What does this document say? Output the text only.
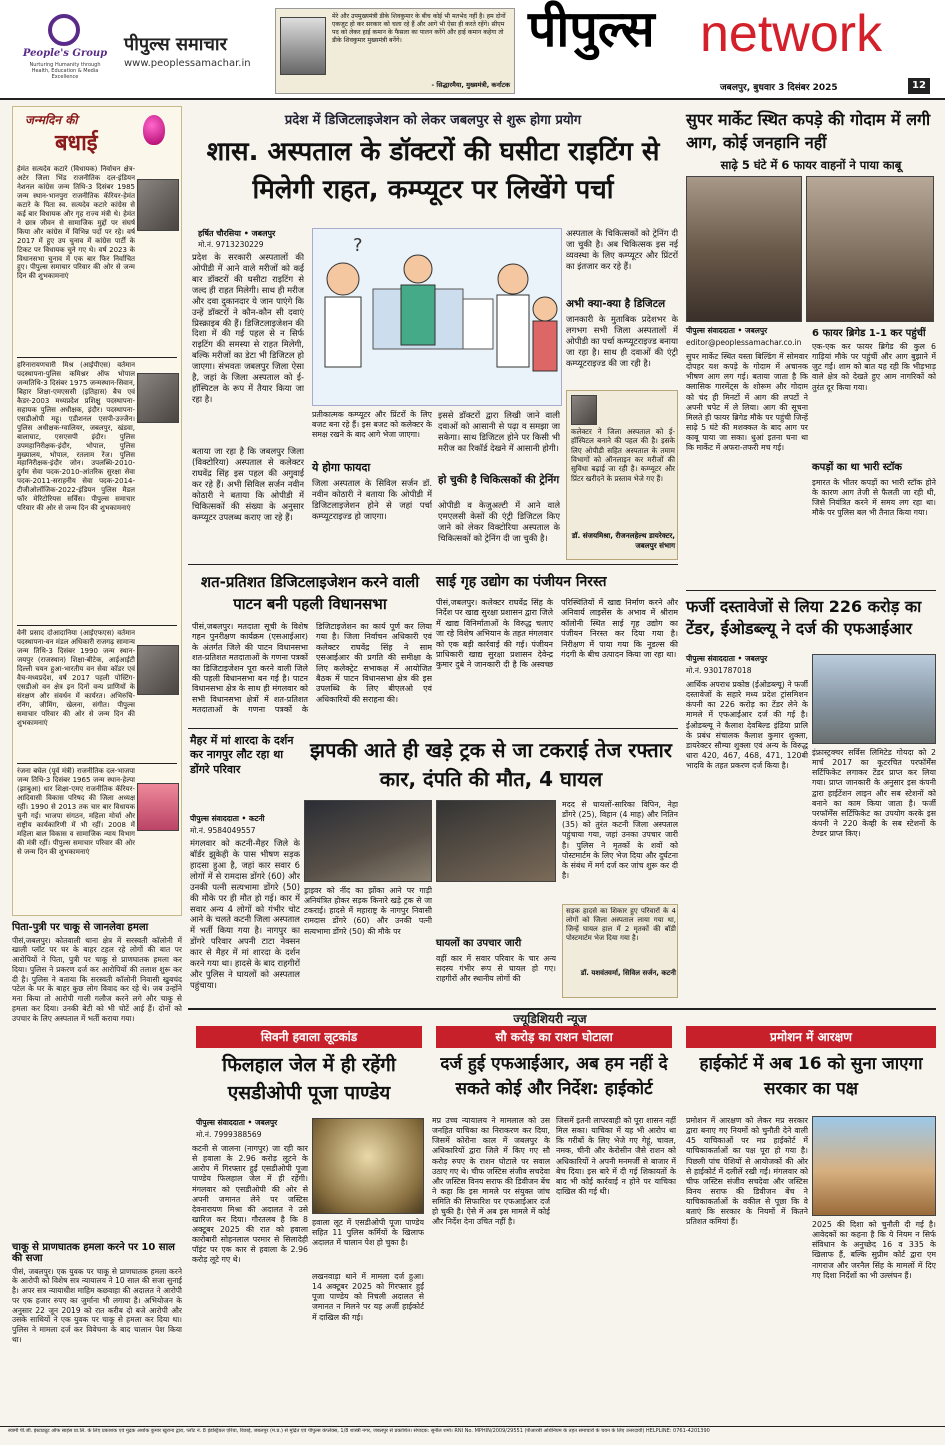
People's Group
Nurturing Humanity through Health, Education & Media Excellence
पीपुल्स समाचार
www.peoplessamachar.in
मेरे और उपमुख्यमंत्री डीके शिवकुमार के बीच कोई भी मतभेद नहीं है। हम दोनों एकजुट हो कर सरकार को चला रहे हैं और आगे भी ऐसा ही करते रहेंगे। सीएम पद को लेकर हाई कमान के फैसला का पालन करेंगे और हाई कमान कहेगा तो डीके शिवकुमार मुख्यमंत्री बनेंगे।
- सिद्धारमैया, मुख्यमंत्री, कर्नाटक
पीपुल्स network
जबलपुर, बुधवार 3 दिसंबर 2025	12
जन्मदिन की
बधाई
हेमंत सत्यदेव कटारे (विधायक) निर्वाचन क्षेत्र-अटेर जिला भिंड राजनीतिक दल-इंडियन नेशनल कांग्रेस जन्म तिथि-3 दिसंबर 1985 जन्म स्थान-भानपुरा राजनीतिक कॅरियर-हेमंत कटारे के पिता स्व. सत्यदेव कटारे कांग्रेस से कई बार विधायक और गृह राज्य मंत्री थे। हेमंत ने छात्र जीवन से सामाजिक मुद्दों पर संघर्ष किया और कांग्रेस में विभिन्न पदों पर रहे। वर्ष 2017 में हुए उप चुनाव में कांग्रेस पार्टी के टिकट पर विधायक चुने गए थे। वर्ष 2023 के विधानसभा चुनाव में एक बार फिर निर्वाचित हुए। पीपुल्स समाचार परिवार की ओर से जन्म दिन की शुभकामनाएं
हरिनारायणचारी मिश्र (आईपीएस) वर्तमान पदस्थापना-पुलिस कमिश्नर ऑफ भोपाल जन्मतिथि-3 दिसंबर 1975 जन्मस्थान-सिवान, बिहार शिक्षा-एमएससी (इतिहास) बैच एवं कैडर-2003 मध्यप्रदेश प्रशिक्षु पदस्थापना-सहायक पुलिस अधीक्षक, इंदौर। पदस्थापना-एसडीओपी महू। एडीशनल एसपी-उज्जैन। पुलिस अधीक्षक-ग्वालियर, जबलपुर, खंडवा, बालाघाट, एसएसपी इंदौर। पुलिस उपमहानिरीक्षक-इंदौर, भोपाल, पुलिस मुख्यालय, भोपाल, रतलाम रेंज। पुलिस महानिरीक्षक-इंदौर जोन। उपलब्धि-2010-दुर्गम सेवा पदक-2010-आंतरिक सुरक्षा सेवा पदक-2011-सराहनीय सेवा पदक-2014-टीजीओलॉजिक-2022-इंडियन पुलिस मैडल फॉर मेरिटोरियस सर्विस। पीपुल्स समाचार परिवार की ओर से जन्म दिन की शुभकामनाएं
वेनी प्रसाद दोआदानिया (आईएफएस) वर्तमान पदस्थापना-वन मंडल अधिकारी राजगढ़ सामान्य जन्म तिथि-3 दिसंबर 1990 जन्म स्थान-जयपुर (राजस्थान) शिक्षा-बीटेक, आईआईटी दिल्ली चयन हुआ-भारतीय वन सेवा कॉडर एवं वैच-मध्यप्रदेश, वर्ष 2017 पहली पोस्टिंग-एसडीओ वन क्षेत्र इन दिनों वन्य प्राणियों के संरक्षण और संवर्धन में कार्यरत। अभिरुचि-रनिंग, जीमिंग, खेलना, संगीत। पीपुल्स समाचार परिवार की ओर से जन्म दिन की शुभकामनाएं
रंजना बघेल (पूर्व मंत्री) राजनीतिक दल-भाजपा जन्म तिथि-3 दिसंबर 1965 जन्म स्थान-हेल्पा (झाबुआ) धार शिक्षा-एमए राजनीतिक कॅरियर-आदिवासी विकास परिषद की जिला अध्यक्ष रहीं। 1990 से 2013 तक चार बार विधायक चुनी गईं। भाजपा संगठन, महिला मोर्चा और राष्ट्रीय कार्यकारिणी में भी रहीं। 2008 में महिला बाल विकास व सामाजिक न्याय विभाग की मंत्री रहीं। पीपुल्स समाचार परिवार की ओर से जन्म दिन की शुभकामनाएं
पिता-पुत्री पर चाकू से जानलेवा हमला
पीसं,जबलपुर। कोतवाली थाना क्षेत्र में सरस्वती कॉलोनी में खाली प्लॉट पर घर के बाहर टहल रहे लोगों की बात पर आरोपियों ने पिता, पुत्री पर चाकू से प्राणघातक हमला कर दिया। पुलिस ने प्रकरण दर्ज कर आरोपियों की तलाश शुरू कर दी है। पुलिस ने बताया कि सरस्वती कॉलोनी निवासी खुबचंद पटेल के घर के बाहर कुछ लोग विवाद कर रहे थे। जब उन्होंने मना किया तो आरोपी गाली गलौज करने लगे और चाकू से हमला कर दिया। उनकी बेटी को भी चोटें आई हैं। दोनों को उपचार के लिए अस्पताल में भर्ती कराया गया।
चाकू से प्राणघातक हमला करने पर 10 साल की सजा
पीसं, जबलपुर। एक युवक पर चाकू से प्राणघातक हमला करने के आरोपी को विशेष सत्र न्यायालय ने 10 साल की सजा सुनाई है। अपर सत्र न्यायाधीश माहिम कछवाहा की अदालत ने आरोपी पर एक हजार रुपए का जुर्माना भी लगाया है। अभियोजन के अनुसार 22 जून 2019 को रात करीब दो बजे आरोपी और उसके साथियों ने एक युवक पर चाकू से हमला कर दिया था। पुलिस ने मामला दर्ज कर विवेचना के बाद चालान पेश किया था।
प्रदेश में डिजिटलाइजेशन को लेकर जबलपुर से शुरू होगा प्रयोग
शास. अस्पताल के डॉक्टरों की घसीटा राइटिंग से मिलेगी राहत, कम्प्यूटर पर लिखेंगे पर्चा
हर्षित चौरसिया • जबलपुर
मो.नं. 9713230229
प्रदेश के सरकारी अस्पतालों की ओपीडी में आने वाले मरीजों को कई बार डॉक्टरों की घसीटा राइटिंग से जल्द ही राहत मिलेगी। साथ ही मरीज और दवा दुकानदार ये जान पाएंगे कि उन्हें डॉक्टरों ने कौन-कौन सी दवाएं प्रिस्क्राइब की हैं। डिजिटलाइजेशन की दिशा में की गई पहल से न सिर्फ राइटिंग की समस्या से राहत मिलेगी, बल्कि मरीजों का डेटा भी डिजिटल हो जाएगा। संभवतः जबलपुर जिला ऐसा है, जहां के जिला अस्पताल को ई-हॉस्पिटल के रूप में तैयार किया जा रहा है।
बताया जा रहा है कि जबलपुर जिला (विक्टोरिया) अस्पताल से कलेक्टर राघवेंद्र सिंह इस पहल की अगुवाई कर रहे हैं। अभी सिविल सर्जन नवीन कोठारी ने बताया कि ओपीडी में चिकित्सकों की संख्या के अनुसार कम्प्यूटर उपलब्ध कराए जा रहे हैं।
?
प्रतीकात्मक कम्प्यूटर और प्रिंटरों के लिए बजट बना रहे हैं। इस बजट को कलेक्टर के समक्ष रखने के बाद आगे भेजा जाएगा।
ये होगा फायदा
जिला अस्पताल के सिविल सर्जन डॉ. नवीन कोठारी ने बताया कि ओपीडी में डिजिटलाइजेशन होने से जहां पर्चा कम्प्यूटराइज्ड हो जाएगा।
इससे डॉक्टरों द्वारा लिखी जाने वाली दवाओं को आसानी से पढ़ा व समझा जा सकेगा। साथ डिजिटल होने पर किसी भी मरीज का रिकॉर्ड देखने में आसानी होगी।
हो चुकी है चिकित्सकों की ट्रेनिंग
ओपीडी व केजुअल्टी में आने वाले एमएलसी केसों की एंट्री डिजिटल किए जाने को लेकर विक्टोरिया अस्पताल के चिकित्सकों को ट्रेनिंग दी जा चुकी है।
अस्पताल के चिकित्सकों को ट्रेनिंग दी जा चुकी है। अब चिकित्सक इस नई व्यवस्था के लिए कम्प्यूटर और प्रिंटरों का इंतजार कर रहे हैं।
अभी क्या-क्या है डिजिटल
जानकारी के मुताबिक प्रदेशभर के लगभग सभी जिला अस्पतालों में ओपीडी का पर्चा कम्प्यूटराइज्ड बनाया जा रहा है। साथ ही दवाओं की एंट्री कम्प्यूटराइज्ड की जा रही है।
कलेक्टर ने जिला अस्पताल को ई-हॉस्पिटल बनाने की पहल की है। इसके लिए ओपीडी सहित अस्पताल के तमाम विभागों को ऑनलाइन कर मरीजों की सुविधा बढ़ाई जा रही है। कम्प्यूटर और प्रिंटर खरीदने के प्रस्ताव भेजे गए हैं।
डॉ. संजयमिश्रा, रीजनलहेल्थ डायरेक्टर, जबलपुर संभाग
शत-प्रतिशत डिजिटलाइजेशन करने वाली पाटन बनी पहली विधानसभा
पीसं,जबलपुर। मतदाता सूची के विशेष गहन पुनरीक्षण कार्यक्रम (एसआईआर) के अंतर्गत जिले की पाटन विधानसभा शत-प्रतिशत मतदाताओं के गणना पत्रकों का डिजिटाइजेशन पूरा करने वाली जिले की पहली विधानसभा बन गई है। पाटन विधानसभा क्षेत्र के साथ ही मंगलवार को सभी विधानसभा क्षेत्रों में शत-प्रतिशत मतदाताओं के गणना पत्रकों के डिजिटाइजेशन का कार्य पूर्ण कर लिया गया है। जिला निर्वाचन अधिकारी एवं कलेक्टर राघवेंद्र सिंह ने साम एसआईआर की प्रगति की समीक्षा के लिए कलेक्ट्रेट सभाकक्ष में आयोजित बैठक में पाटन विधानसभा क्षेत्र की इस उपलब्धि के लिए बीएलओ एवं अधिकारियों की सराहना की।
साई गृह उद्योग का पंजीयन निरस्त
पीसं,जबलपुर। कलेक्टर राघवेंद्र सिंह के निर्देश पर खाद्य सुरक्षा प्रशासन द्वारा जिले में खाद्य विनिर्माताओं के विरुद्ध चलाए जा रहे विशेष अभियान के तहत मंगलवार को एक बड़ी कार्रवाई की गई। पंजीयन प्राधिकारी खाद्य सुरक्षा प्रशासन देवेन्द्र कुमार दुबे ने जानकारी दी है कि अस्वच्छ परिस्थितियों में खाद्य निर्माण करने और अनिवार्य लाइसेंस के अभाव में श्रीराम कॉलोनी स्थित साई गृह उद्योग का पंजीयन निरस्त कर दिया गया है। निरीक्षण में पाया गया कि नूडल्स की गंदगी के बीच उत्पादन किया जा रहा था।
मैहर में मां शारदा के दर्शन कर नागपुर लौट रहा था डोंगरे परिवार
पीपुल्स संवाददाता • कटनी
मो.नं. 9584049557
झपकी आते ही खड़े ट्रक से जा टकराई तेज रफ्तार कार, दंपति की मौत, 4 घायल
मंगलवार को कटनी-मैहर जिले के बॉर्डर झुकेही के पास भीषण सड़क हादसा हुआ है, जहां कार सवार 6 लोगों में से रामदास डोंगरे (60) और उनकी पत्नी सत्यभामा डोंगरे (50) की मौके पर ही मौत हो गई। कार में सवार अन्य 4 लोगों को गंभीर चोट आने के चलते कटनी जिला अस्पताल में भर्ती किया गया है। नागपुर का डोंगरे परिवार अपनी टाटा नेक्सन कार से मैहर में मां शारदा के दर्शन करने गया था। हादसे के बाद राहगीरों और पुलिस ने घायलों को अस्पताल पहुंचाया।
ड्राइवर को नींद का झोंका आने पर गाड़ी अनियंत्रित होकर सड़क किनारे खड़े ट्रक से जा टकराई। हादसे में महाराष्ट्र के नागपुर निवासी रामदास डोंगरे (60) और उनकी पत्नी सत्यभामा डोंगरे (50) की मौके पर
मदद से घायलों-सारिका विपिन, नेहा डोंगरे (25), विहान (4 माह) और नितिन (35) को तुरंत कटनी जिला अस्पताल पहुंचाया गया, जहां उनका उपचार जारी है। पुलिस ने मृतकों के शवों को पोस्टमार्टम के लिए भेज दिया और दुर्घटना के संबंध में मर्ग दर्ज कर जांच शुरू कर दी है।
घायलों का उपचार जारी
वहीं कार में सवार परिवार के चार अन्य सदस्य गंभीर रूप से घायल हो गए। राहगीरों और स्थानीय लोगों की
सड़क हादसे का शिकार हुए परिवारों के 4 लोगों को जिला अस्पताल लाया गया था, जिन्हें घायल हाल में 2 मृतकों की बॉडी पोस्टमार्टम भेज दिया गया है।
डॉ. यशवंतवर्मा, सिविल सर्जन, कटनी
सुपर मार्केट स्थित कपड़े की गोदाम में लगी आग, कोई जनहानि नहीं
साढ़े 5 घंटे में 6 फायर वाहनों ने पाया काबू
पीपुल्स संवाददाता • जबलपुर
editor@peoplessamachar.co.in
6 फायर ब्रिगेड 1-1 कर पहुंचीं
एक-एक कर फायर ब्रिगेड की कुल 6 गाड़ियां मौके पर पहुंचीं और आग बुझाने में जुट गईं। शाम को बात यह रही कि भीड़भाड़ वाले क्षेत्र को देखते हुए आम नागरिकों को तुरंत दूर किया गया।
सुपर मार्केट स्थित यस्ता बिल्डिंग में सोमवार दोपहर यश कपड़े के गोदाम में अचानक भीषण आग लग गई। बताया जाता है कि क्लासिक गारमेंट्स के शोरूम और गोदाम को चंद ही मिनटों में आग की लपटों ने अपनी चपेट में ले लिया। आग की सूचना मिलते ही फायर ब्रिगेड मौके पर पहुंची जिन्हें साढ़े 5 घंटे की मशक्कत के बाद आग पर काबू पाया जा सका। धुआं इतना घना था कि मार्केट में अफरा-तफरी मच गई।
कपड़ों का था भारी स्टॉक
इमारत के भीतर कपड़ों का भारी स्टॉक होने के कारण आग तेजी से फैलती जा रही थी, जिसे नियंत्रित करने में समय लग रहा था। मौके पर पुलिस बल भी तैनात किया गया।
फर्जी दस्तावेजों से लिया 226 करोड़ का टेंडर, ईओडब्ल्यू ने दर्ज की एफआईआर
पीपुल्स संवाददाता • जबलपुर
मो.नं. 9301787018
आर्थिक अपराध प्रकोष्ठ (ईओडब्ल्यू) ने फर्जी दस्तावेजों के सहारे मध्य प्रदेश ट्रांसमिशन कंपनी का 226 करोड़ का टेंडर लेने के मामले में एफआईआर दर्ज की गई है। ईओडब्ल्यू ने कैलाश देवबिल्ड इंडिया प्रालि के प्रबंध संचालक कैलाश कुमार शुक्ला, डायरेक्टर सौम्या शुक्ला एवं अन्य के विरुद्ध धारा 420, 467, 468, 471, 120बी भादवि के तहत प्रकरण दर्ज किया है।
इंफ्रास्ट्रक्चर सर्विस लिमिटेड गोयदा को 2 मार्च 2017 का कूटरचित परफॉर्मेंस सर्टिफिकेट लगाकर टेंडर प्राप्त कर लिया गया। प्राप्त जानकारी के अनुसार इस कंपनी द्वारा हाईटेंशन लाइन और सब स्टेशनों को बनाने का काम किया जाता है। फर्जी परफॉर्मेंस सर्टिफिकेट का उपयोग करके इस कंपनी ने 220 केव्ही के सब स्टेशनों के टेण्डर प्राप्त किए।
ज्यूडिशियरी न्यूज
सिवनी हवाला लूटकांड
फिलहाल जेल में ही रहेंगी एसडीओपी पूजा पाण्डेय
पीपुल्स संवाददाता • जबलपुर
मो.नं. 7999388569
कटनी से जालना (नागपुर) जा रही कार से हवाला के 2.96 करोड़ लूटने के आरोप में गिरफ्तार हुईं एसडीओपी पूजा पाण्डेय फिलहाल जेल में ही रहेंगी। मंगलवार को एसडीओपी की ओर से अपनी जमानत लेने पर जस्टिस देवनारायण मिश्रा की अदालत ने उसे खारिज कर दिया। गौरतलब है कि 8 अक्टूबर 2025 की रात को हवाला कारोबारी सोहनलाल परमार से सिलादेही पॉइंट पर एक कार से हवाला के 2.96 करोड़ लूटे गए थे।
हवाला लूट में एसडीओपी पूजा पाण्डेय सहित 11 पुलिस कर्मियों के खिलाफ अदालत में चालान पेश हो चुका है।
लखनवाड़ा थाने में मामला दर्ज हुआ। 14 अक्टूबर 2025 को गिरफ्तार हुईं पूजा पाण्डेय को निचली अदालत से जमानत न मिलने पर यह अर्जी हाईकोर्ट में दाखिल की गई।
सौ करोड़ का राशन घोटाला
दर्ज हुई एफआईआर, अब हम नहीं दे सकते कोई और निर्देश: हाईकोर्ट
मप्र उच्च न्यायालय ने मामलाल को उस जनहित याचिका का निराकरण कर दिया, जिसमें कोरोना काल में जबलपुर के अधिकारियों द्वारा जिले में किए गए सौ करोड़ रुपए के राशन घोटाले पर सवाल उठाए गए थे। चीफ जस्टिस संजीव सचदेवा और जस्टिस विनय सराफ की डिवीजन बेंच ने कहा कि इस मामले पर संयुक्त जांच समिति की सिफारिश पर एफआईआर दर्ज हो चुकी है। ऐसे में अब इस मामले में कोई और निर्देश देना उचित नहीं है।
जिसमें इतनी लापरवाही को पूरा शासन नहीं मिल सका। याचिका में यह भी आरोप था कि गरीबों के लिए भेजे गए गेहूं, चावल, नमक, चीनी और केरोसीन जैसे राशन को अधिकारियों ने अपनी मनमर्जी से बाजार में बेच दिया। इस बारे में दी गई शिकायतों के बाद भी कोई कार्रवाई न होने पर याचिका दाखिल की गई थी।
प्रमोशन में आरक्षण
हाईकोर्ट में अब 16 को सुना जाएगा सरकार का पक्ष
प्रमोशन में आरक्षण को लेकर मप्र सरकार द्वारा बनाए गए नियमों को चुनौती देने वाली 45 याचिकाओं पर मप्र हाईकोर्ट में याचिकाकर्ताओं का पक्ष पूरा हो गया है। पिछली पांच पेशियों से आयोजकों की ओर से हाईकोर्ट में दलीलें रखी गईं। मंगलवार को चीफ जस्टिस संजीव सचदेवा और जस्टिस विनय सराफ की डिवीजन बेंच ने याचिकाकर्ताओं के वकील से पूछा कि वे बताएं कि सरकार के नियमों में कितने प्रतिशत कमियां हैं।	2025 की दिशा को चुनौती दी गई है। आवेदकों का कहना है कि ये नियम न सिर्फ संविधान के अनुच्छेद 16 व 335 के खिलाफ हैं, बल्कि सुप्रीम कोर्ट द्वारा एम नागराज और जरनैल सिंह के मामलों में दिए गए दिशा निर्देशों का भी उल्लंघन हैं।
स्वामी पी.जी. इंस्टाट्यूट ऑफ साइंस प्रा.लि. के लिए प्रकाशक एवं मुद्रक अशोक कुमार खुराना द्वारा, प्लॉट नं. 8 इंडस्ट्रियल एरिया, रिछाई, जबलपुर (म.प्र.) से मुद्रित एवं पीपुल्स कंप्लेक्स, 1/8 शास्त्री नगर, जबलपुर से प्रकाशित। संपादक: सुनील शर्मा। RNI No. MPHIN/2009/29551 (पीआरबी अधिनियम के तहत समाचारों के चयन के लिए उत्तरदायी) HELPLINE: 0761-4201390
